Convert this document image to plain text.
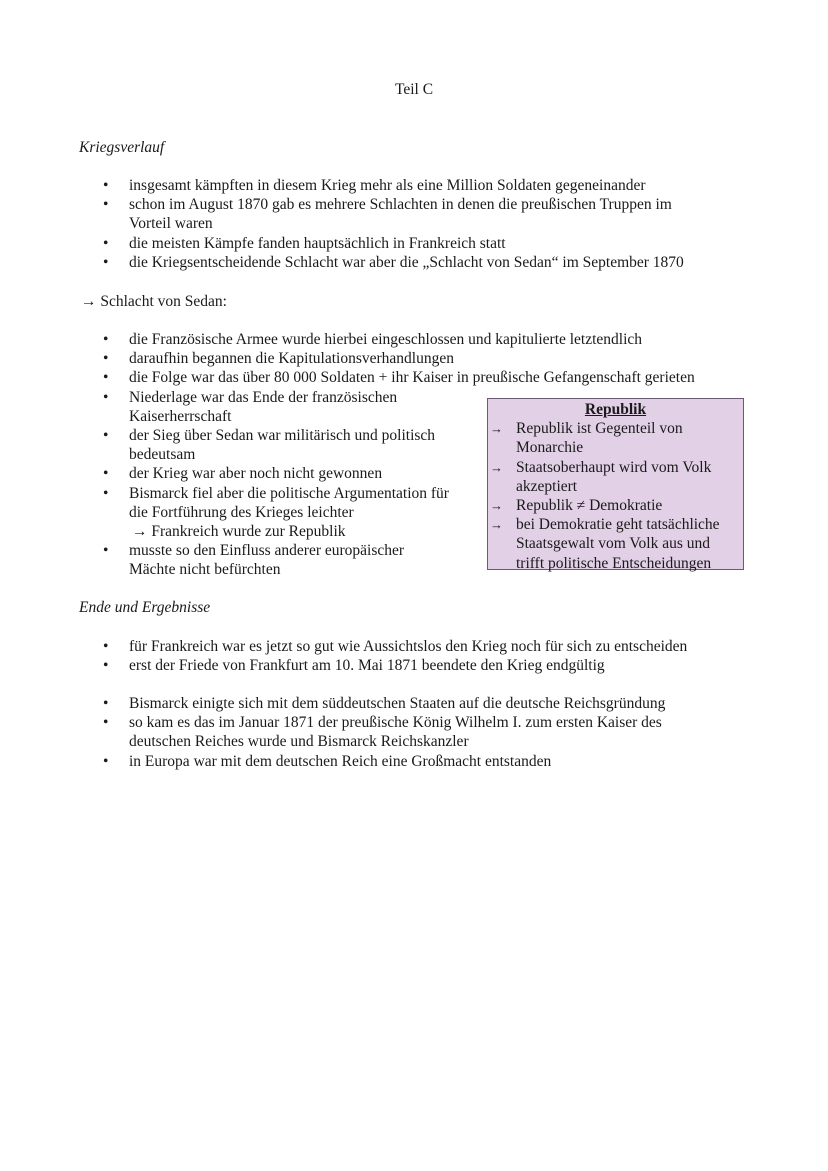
Teil C
Kriegsverlauf
• insgesamt kämpften in diesem Krieg mehr als eine Million Soldaten gegeneinander
• schon im August 1870 gab es mehrere Schlachten in denen die preußischen Truppen im
Vorteil waren
• die meisten Kämpfe fanden hauptsächlich in Frankreich statt
• die Kriegsentscheidende Schlacht war aber die „Schlacht von Sedan“ im September 1870
→ Schlacht von Sedan:
• die Französische Armee wurde hierbei eingeschlossen und kapitulierte letztendlich
• daraufhin begannen die Kapitulationsverhandlungen
• die Folge war das über 80 000 Soldaten + ihr Kaiser in preußische Gefangenschaft gerieten
• Niederlage war das Ende der französischen
Kaiserherrschaft
• der Sieg über Sedan war militärisch und politisch
bedeutsam
• der Krieg war aber noch nicht gewonnen
• Bismarck fiel aber die politische Argumentation für
die Fortführung des Krieges leichter
→ Frankreich wurde zur Republik
• musste so den Einfluss anderer europäischer
Mächte nicht befürchten
Republik
→ Republik ist Gegenteil von
Monarchie
→ Staatsoberhaupt wird vom Volk
akzeptiert
→ Republik ≠ Demokratie
→ bei Demokratie geht tatsächliche
Staatsgewalt vom Volk aus und
trifft politische Entscheidungen
Ende und Ergebnisse
• für Frankreich war es jetzt so gut wie Aussichtslos den Krieg noch für sich zu entscheiden
• erst der Friede von Frankfurt am 10. Mai 1871 beendete den Krieg endgültig
• Bismarck einigte sich mit dem süddeutschen Staaten auf die deutsche Reichsgründung
• so kam es das im Januar 1871 der preußische König Wilhelm I. zum ersten Kaiser des
deutschen Reiches wurde und Bismarck Reichskanzler
• in Europa war mit dem deutschen Reich eine Großmacht entstanden
